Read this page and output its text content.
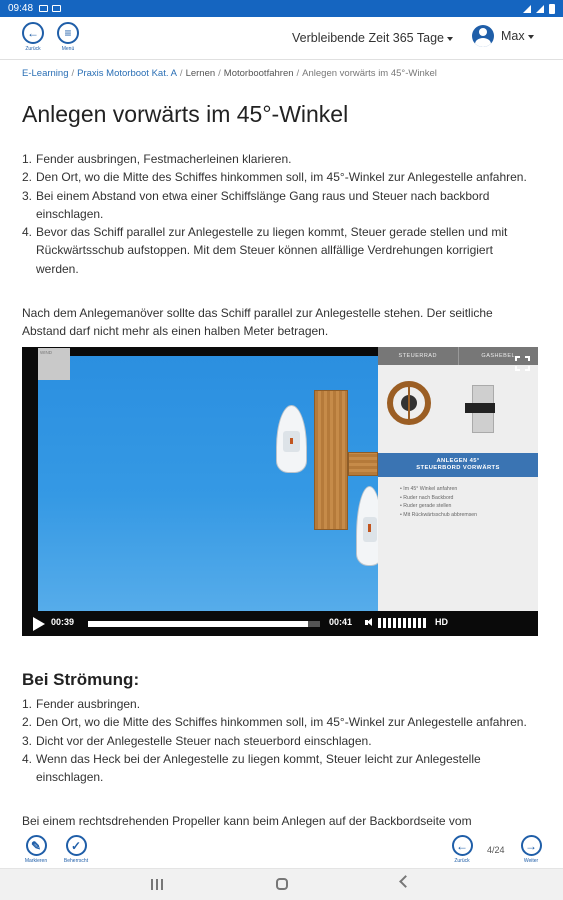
09:48
←
Zurück
≡
Menü
Verbleibende Zeit 365 Tage	Max
E-Learning / Praxis Motorboot Kat. A / Lernen / Motorbootfahren / Anlegen vorwärts im 45°-Winkel
Anlegen vorwärts im 45°-Winkel
1. Fender ausbringen, Festmacherleinen klarieren.
2. Den Ort, wo die Mitte des Schiffes hinkommen soll, im 45°-Winkel zur Anlegestelle anfahren.
3. Bei einem Abstand von etwa einer Schiffslänge Gang raus und Steuer nach backbord einschlagen.
4. Bevor das Schiff parallel zur Anlegestelle zu liegen kommt, Steuer gerade stellen und mit Rückwärtsschub aufstoppen. Mit dem Steuer können allfällige Verdrehungen korrigiert werden.

Nach dem Anlegemanöver sollte das Schiff parallel zur Anlegestelle stehen. Der seitliche Abstand darf nicht mehr als einen halben Meter betragen.

WIND
STEUERRAD	GASHEBEL
ANLEGEN 45°
STEUERBORD VORWÄRTS
• Im 45° Winkel anfahren
• Ruder nach Backbord
• Ruder gerade stellen
• Mit Rückwärtsschub abbremsen
00:39	00:41	HD
Bei Strömung:
1. Fender ausbringen.
2. Den Ort, wo die Mitte des Schiffes hinkommen soll, im 45°-Winkel zur Anlegestelle anfahren.
3. Dicht vor der Anlegestelle Steuer nach steuerbord einschlagen.
4. Wenn das Heck bei der Anlegestelle zu liegen kommt, Steuer leicht zur Anlegestelle einschlagen.

Bei einem rechtsdrehenden Propeller kann beim Anlegen auf der Backbordseite vom

✎
Markieren
✓
Beherrscht
←
Zurück
4/24	→
Weiter
